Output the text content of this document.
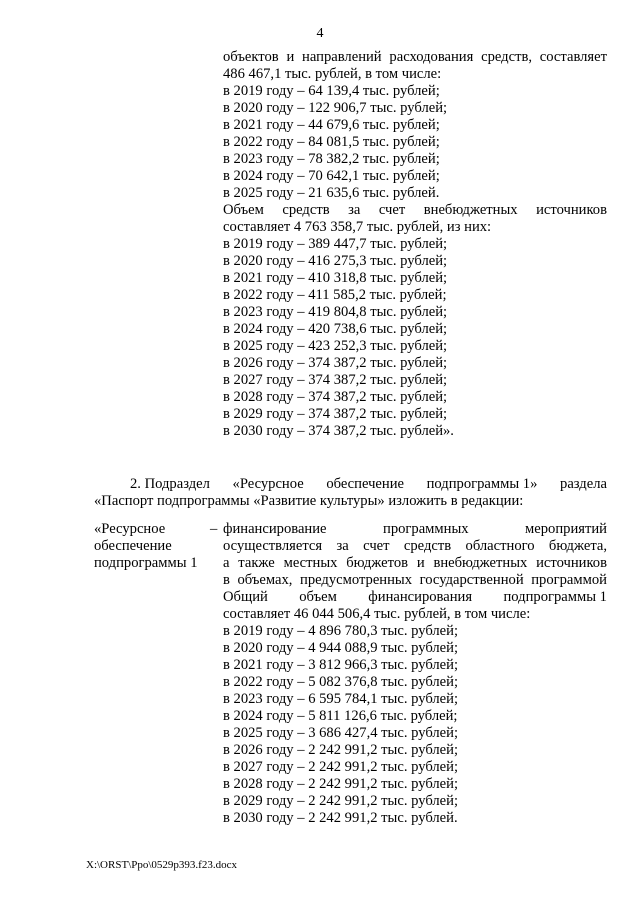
4
объектов и направлений расходования средств, составляет
486 467,1 тыс. рублей, в том числе:
в 2019 году – 64 139,4 тыс. рублей;
в 2020 году – 122 906,7 тыс. рублей;
в 2021 году – 44 679,6 тыс. рублей;
в 2022 году – 84 081,5 тыс. рублей;
в 2023 году – 78 382,2 тыс. рублей;
в 2024 году – 70 642,1 тыс. рублей;
в 2025 году – 21 635,6 тыс. рублей.
Объем средств за счет внебюджетных источников
составляет 4 763 358,7 тыс. рублей, из них:
в 2019 году – 389 447,7 тыс. рублей;
в 2020 году – 416 275,3 тыс. рублей;
в 2021 году – 410 318,8 тыс. рублей;
в 2022 году – 411 585,2 тыс. рублей;
в 2023 году – 419 804,8 тыс. рублей;
в 2024 году – 420 738,6 тыс. рублей;
в 2025 году – 423 252,3 тыс. рублей;
в 2026 году – 374 387,2 тыс. рублей;
в 2027 году – 374 387,2 тыс. рублей;
в 2028 году – 374 387,2 тыс. рублей;
в 2029 году – 374 387,2 тыс. рублей;
в 2030 году – 374 387,2 тыс. рублей».
2. Подраздел «Ресурсное обеспечение подпрограммы 1» раздела
«Паспорт подпрограммы «Развитие культуры» изложить в редакции:
«Ресурсное
обеспечение
подпрограммы 1
– финансирование	программных	мероприятий
осуществляется за счет средств областного бюджета,
а также местных бюджетов и внебюджетных источников
в объемах, предусмотренных государственной программой
Общий объем финансирования подпрограммы 1
составляет 46 044 506,4 тыс. рублей, в том числе:
в 2019 году – 4 896 780,3 тыс. рублей;
в 2020 году – 4 944 088,9 тыс. рублей;
в 2021 году – 3 812 966,3 тыс. рублей;
в 2022 году – 5 082 376,8 тыс. рублей;
в 2023 году – 6 595 784,1 тыс. рублей;
в 2024 году – 5 811 126,6 тыс. рублей;
в 2025 году – 3 686 427,4 тыс. рублей;
в 2026 году – 2 242 991,2 тыс. рублей;
в 2027 году – 2 242 991,2 тыс. рублей;
в 2028 году – 2 242 991,2 тыс. рублей;
в 2029 году – 2 242 991,2 тыс. рублей;
в 2030 году – 2 242 991,2 тыс. рублей.
X:\ORST\Ppo\0529p393.f23.docx
